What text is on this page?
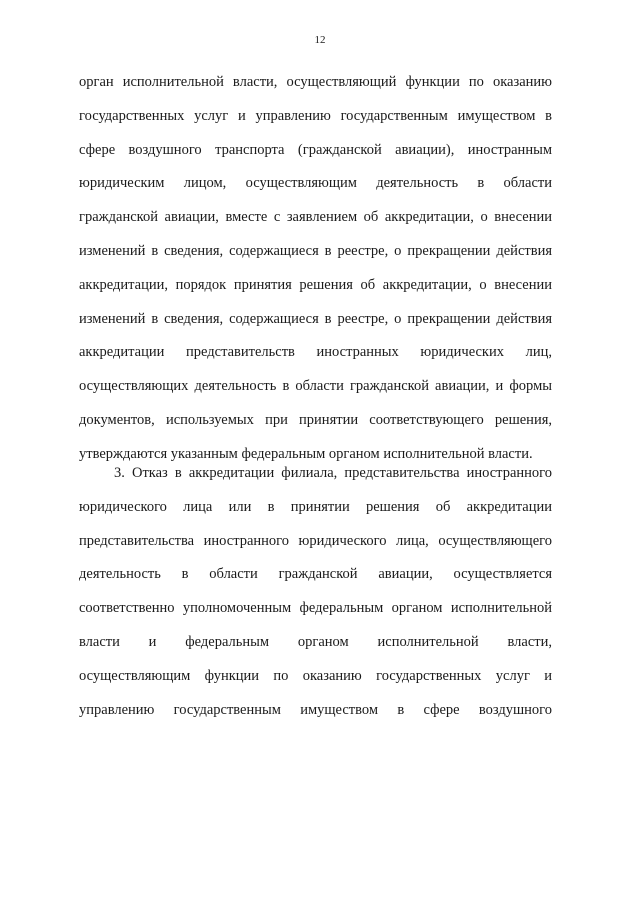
12
орган исполнительной власти, осуществляющий функции по оказанию
государственных услуг и управлению государственным имуществом в
сфере воздушного транспорта (гражданской авиации), иностранным
юридическим лицом, осуществляющим деятельность в области
гражданской авиации, вместе с заявлением об аккредитации, о внесении
изменений в сведения, содержащиеся в реестре, о прекращении действия
аккредитации, порядок принятия решения об аккредитации, о внесении
изменений в сведения, содержащиеся в реестре, о прекращении действия
аккредитации представительств иностранных юридических лиц,
осуществляющих деятельность в области гражданской авиации, и формы
документов, используемых при принятии соответствующего решения,
утверждаются указанным федеральным органом исполнительной власти.
3. Отказ в аккредитации филиала, представительства иностранного
юридического лица или в принятии решения об аккредитации
представительства иностранного юридического лица, осуществляющего
деятельность в области гражданской авиации, осуществляется
соответственно уполномоченным федеральным органом исполнительной
власти и федеральным органом исполнительной власти,
осуществляющим функции по оказанию государственных услуг и
управлению государственным имуществом в сфере воздушного
